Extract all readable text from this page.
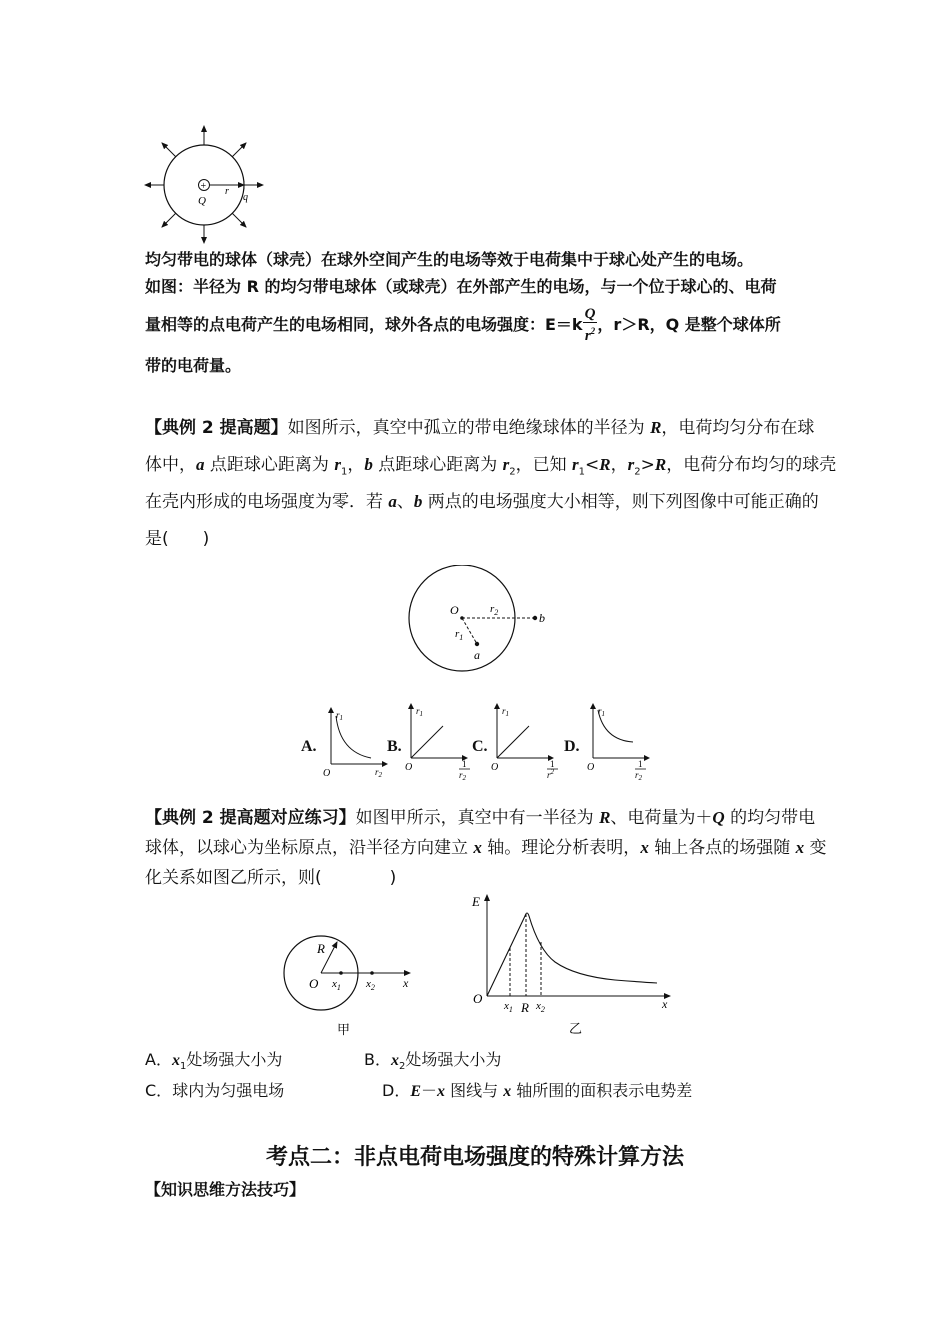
+
Q
r
q
均匀带电的球体（球壳）在球外空间产生的电场等效于电荷集中于球心处产生的电场。
如图：半径为 R 的均匀带电球体（或球壳）在外部产生的电场，与一个位于球心的、电荷
量相等的点电荷产生的电场相同，球外各点的电场强度：$E=k \frac{Q}{r^2}$ ，r＞R，Q 是整个球体所
带的电荷量。
【典例 2 提高题】如图所示，真空中孤立的带电绝缘球体的半径为 R，电荷均匀分布在球
体中，a 点距球心距离为 $r_1$，b 点距球心距离为 $r_2$，已知 $r_1<R$，$r_2>R$，电荷分布均匀的球壳
在壳内形成的电场强度为零．若 a、b 两点的电场强度大小相等，则下列图像中可能正确的
是(　　)
O	$r_2$
$r_1$
a
b
A.	B.	C.	D.
$r_1$
$r_2$
O
$r_1$
1
$r_2$
O
$r_1$
1
$r^2$
O
$r_1$
1
$r_2$
O
【典例 2 提高题对应练习】如图甲所示，真空中有一半径为 R、电荷量为＋Q 的均匀带电
球体，以球心为坐标原点，沿半径方向建立 x 轴。理论分析表明，x 轴上各点的场强随 x 变
化关系如图乙所示，则(　　　　)
R
O $x_1$ $x_2$ x
甲
E
O $x_1$ R $x_2$	x
乙
A．$x_1$处场强大小为	B．$x_2$处场强大小为
C．球内为匀强电场	D．E－x 图线与 x 轴所围的面积表示电势差
考点二：非点电荷电场强度的特殊计算方法
【知识思维方法技巧】
